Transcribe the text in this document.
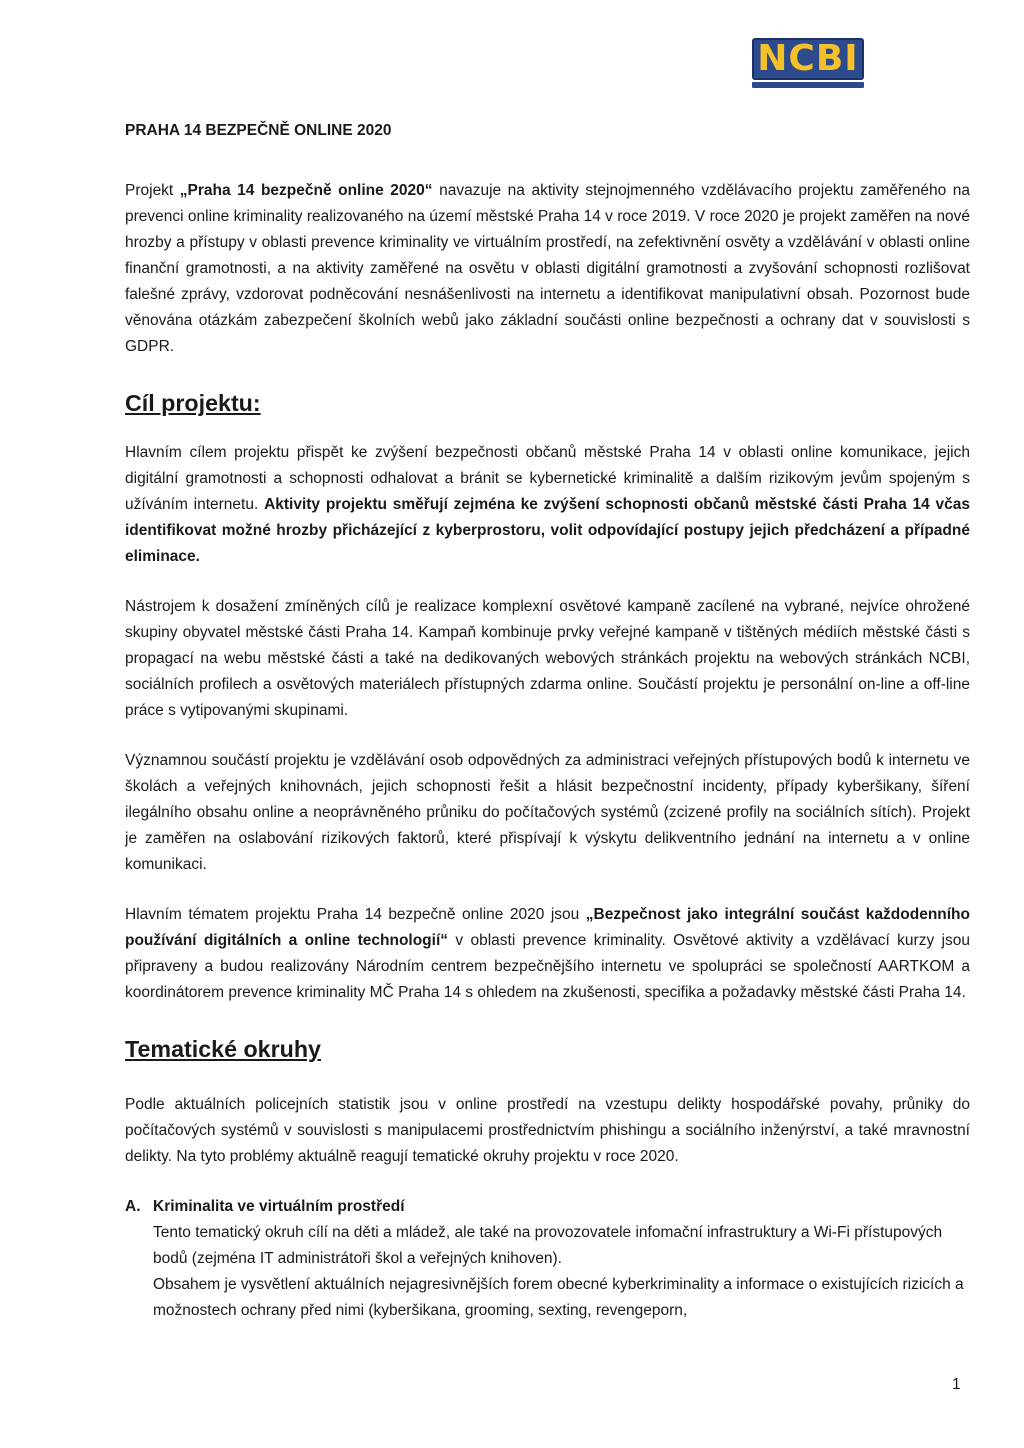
NCBI
PRAHA 14 BEZPEČNĚ ONLINE 2020

Projekt „Praha 14 bezpečně online 2020“ navazuje na aktivity stejnojmenného vzdělávacího projektu zaměřeného na prevenci online kriminality realizovaného na území městské Praha 14 v roce 2019. V roce 2020 je projekt zaměřen na nové hrozby a přístupy v oblasti prevence kriminality ve virtuálním prostředí, na zefektivnění osvěty a vzdělávání v oblasti online finanční gramotnosti, a na aktivity zaměřené na osvětu v oblasti digitální gramotnosti a zvyšování schopnosti rozlišovat falešné zprávy, vzdorovat podněcování nesnášenlivosti na internetu a identifikovat manipulativní obsah. Pozornost bude věnována otázkám zabezpečení školních webů jako základní součásti online bezpečnosti a ochrany dat v souvislosti s GDPR.

Cíl projektu:

Hlavním cílem projektu přispět ke zvýšení bezpečnosti občanů městské Praha 14 v oblasti online komunikace, jejich digitální gramotnosti a schopnosti odhalovat a bránit se kybernetické kriminalitě a dalším rizikovým jevům spojeným s užíváním internetu. Aktivity projektu směřují zejména ke zvýšení schopnosti občanů městské části Praha 14 včas identifikovat možné hrozby přicházející z kyberprostoru, volit odpovídající postupy jejich předcházení a případné eliminace.

Nástrojem k dosažení zmíněných cílů je realizace komplexní osvětové kampaně zacílené na vybrané, nejvíce ohrožené skupiny obyvatel městské části Praha 14. Kampaň kombinuje prvky veřejné kampaně v tištěných médiích městské části s propagací na webu městské části a také na dedikovaných webových stránkách projektu na webových stránkách NCBI, sociálních profilech a osvětových materiálech přístupných zdarma online. Součástí projektu je personální on-line a off-line práce s vytipovanými skupinami.

Významnou součástí projektu je vzdělávání osob odpovědných za administraci veřejných přístupových bodů k internetu ve školách a veřejných knihovnách, jejich schopnosti řešit a hlásit bezpečnostní incidenty, případy kyberšikany, šíření ilegálního obsahu online a neoprávněného průniku do počítačových systémů (zcizené profily na sociálních sítích). Projekt je zaměřen na oslabování rizikových faktorů, které přispívají k výskytu delikventního jednání na internetu a v online komunikaci.

Hlavním tématem projektu Praha 14 bezpečně online 2020 jsou „Bezpečnost jako integrální součást každodenního používání digitálních a online technologií“ v oblasti prevence kriminality. Osvětové aktivity a vzdělávací kurzy jsou připraveny a budou realizovány Národním centrem bezpečnějšího internetu ve spolupráci se společností AARTKOM a koordinátorem prevence kriminality MČ Praha 14 s ohledem na zkušenosti, specifika a požadavky městské části Praha 14.

Tematické okruhy

Podle aktuálních policejních statistik jsou v online prostředí na vzestupu delikty hospodářské povahy, průniky do počítačových systémů v souvislosti s manipulacemi prostřednictvím phishingu a sociálního inženýrství, a také mravnostní delikty. Na tyto problémy aktuálně reagují tematické okruhy projektu v roce 2020.

A. Kriminalita ve virtuálním prostředí

Tento tematický okruh cílí na děti a mládež, ale také na provozovatele infomační infrastruktury a Wi-Fi přístupových bodů (zejména IT administrátoři škol a veřejných knihoven).

Obsahem je vysvětlení aktuálních nejagresivnějších forem obecné kyberkriminality a informace o existujících rizicích a možnostech ochrany před nimi (kyberšikana, grooming, sexting, revengeporn,

1
